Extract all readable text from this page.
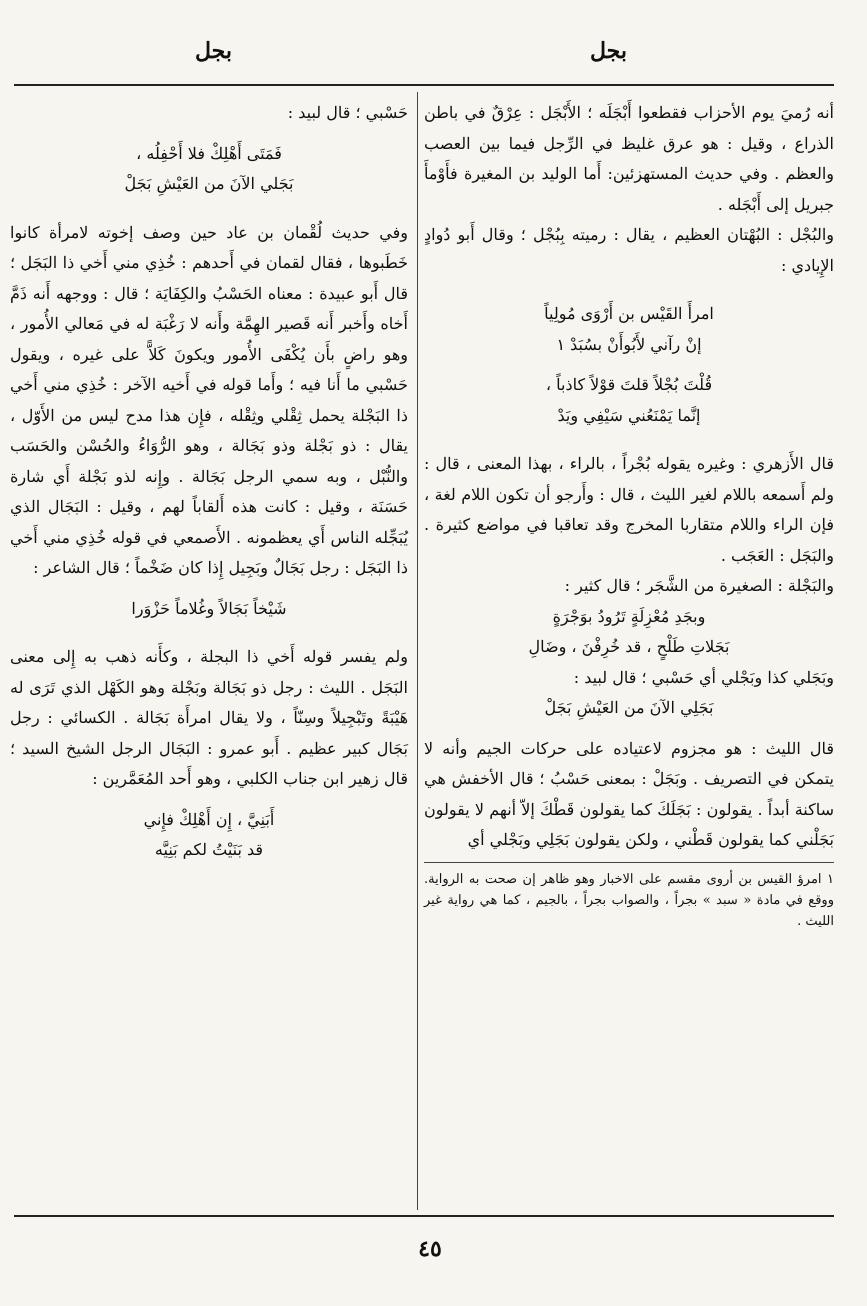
بجل
بجل

أنه رُميَ يوم الأحزاب فقطعوا أَبْجَلَه ؛ الأَبْجَل : عِرْقٌ في باطن الذراع ، وقيل : هو عرق غليظ في الرِّجل فيما بين العصب والعظم . وفي حديث المستهزئين: أَما الوليد بن المغيرة فأَوْمأَ جبريل إلى أَبْجَله .

والبُجْل : البُهْتان العظيم ، يقال : رميته بِبُجْل ؛ وقال أَبو دُوادٍ الإِيادي :

امرأَ القَيْس بن أَرْوَى مُولِياً
إنْ رآني لأَبُوأَنْ بسُبَدْ ١
قُلْتَ بُجْلاً قلتَ قوْلاً كاذباً ،
إنَّما يَمْنَعُني سَيْفِي ويَدْ

قال الأَزهري : وغيره يقوله بُجْراً ، بالراء ، بهذا المعنى ، قال : ولم أَسمعه باللام لغير الليث ، قال : وأَرجو أن تكون اللام لغة ، فإن الراء واللام متقاربا المخرج وقد تعاقبا في مواضع كثيرة . والبَجَل : العَجَب .

والبَجْلة : الصغيرة من الشَّجَر ؛ قال كثير :

وبجَدِ مُعْزِلَةٍ تَرُودُ بوَجْرَةٍ
بَجَلاتِ طَلْحٍ ، قد خُرِفْنَ ، وضَالِ

وبَجَلي كذا وبَجْلي أي حَسْبي ؛ قال لبيد :

بَجَلِي الآنَ من العَيْشِ بَجَلْ

قال الليث : هو مجزوم لاعتياده على حركات الجيم وأنه لا يتمكن في التصريف . وبَجَلْ : بمعنى حَسْبُ ؛ قال الأخفش هي ساكنة أبداً . يقولون : بَجَلَكَ كما يقولون قَطْكَ إلاّ أنهم لا يقولون بَجَلْني كما يقولون قَطْني ، ولكن يقولون بَجَلِي وبَجْلي أي

١ امرؤ القيس بن أروى مقسم على الاخبار وهو ظاهر إن صحت به الرواية. ووقع في مادة « سبد » بجراً ، والصواب بجراً ، بالجيم ، كما هي رواية غير الليث .

حَسْبي ؛ قال لبيد :

فَمَتَى أَهْلِكْ فلا أَحْفِلُه ،
بَجَلي الآنَ من العَيْشِ بَجَلْ

وفي حديث لُقْمان بن عاد حين وصف إخوته لامرأة كانوا خَطَبوها ، فقال لقمان في أَحدهم : خُذِي مني أَخي ذا البَجَل ؛ قال أَبو عبيدة : معناه الحَسْبُ والكِفَايَة ؛ قال : ووجهه أَنه ذَمَّ أَخاه وأَخبر أَنه قَصير الهِمَّة وأَنه لا رَغْبَة له في مَعالي الأُمور ، وهو راضٍ بأَن يُكْفَى الأُمور ويكونَ كَلاًّ على غيره ، ويقول حَسْبي ما أَنا فيه ؛ وأَما قوله في أَخيه الآخر : خُذِي مني أَخي ذا البَجْلة يحمل ثِقْلي وثِقْله ، فإِن هذا مدح ليس من الأَوّل ، يقال : ذو بَجْلة وذو بَجَالة ، وهو الرُّوَاءُ والحُسْن والحَسَب والنُّبْل ، وبه سمي الرجل بَجَالة . وإِنه لذو بَجْلة أَي شارة حَسَنَة ، وقيل : كانت هذه أَلقاباً لهم ، وقيل : البَجَال الذي يُبَجِّله الناس أَي يعظمونه . الأَصمعي في قوله خُذِي مني أَخي ذا البَجَل : رجل بَجَالٌ وبَجِيل إِذا كان ضَخْماً ؛ قال الشاعر :

شَيْخاً بَجَالاً وغُلاماً حَزْوَرا

ولم يفسر قوله أَخي ذا البجلة ، وكأَنه ذهب به إِلى معنى البَجَل . الليث : رجل ذو بَجَالة وبَجْلة وهو الكَهْل الذي تَرَى له هَيْبَةً وتَبْجِيلاً وسِنّاً ، ولا يقال امرأَة بَجَالة . الكسائي : رجل بَجَال كبير عظيم . أَبو عمرو : البَجَال الرجل الشيخ السيد ؛ قال زهير ابن جناب الكلبي ، وهو أَحد المُعَمَّرين :

أَبَنِيَّ ، إِن أَهْلِكْ فإِني
قد بَنَيْتُ لكم بَنِيَّه
٤٥
